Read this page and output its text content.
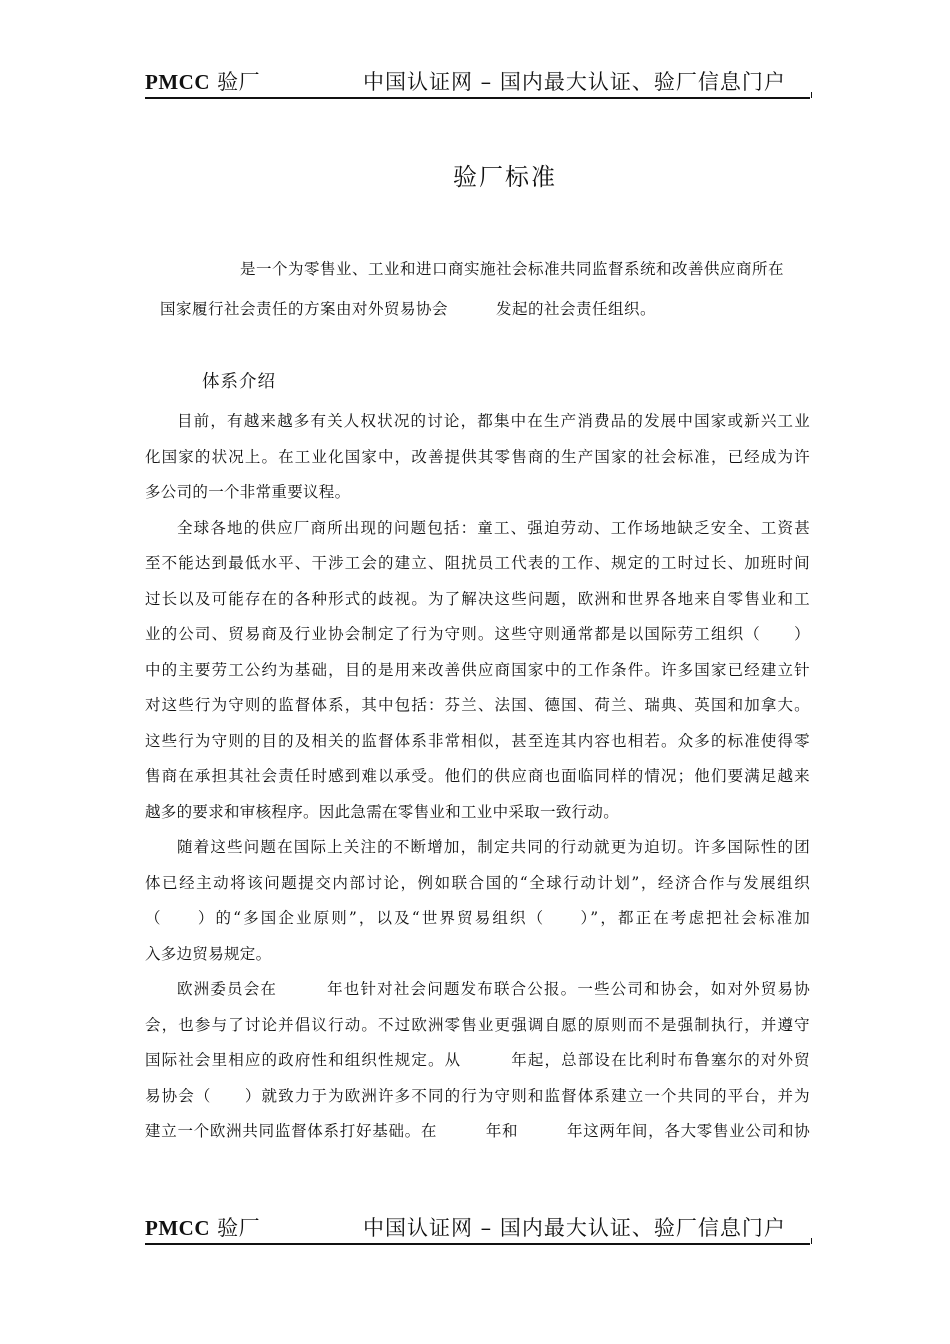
PMCC 验厂	中国认证网 – 国内最大认证、验厂信息门户
验厂标准
是一个为零售业、工业和进口商实施社会标准共同监督系统和改善供应商所在
国家履行社会责任的方案由对外贸易协会　　　发起的社会责任组织。
体系介绍
目前，有越来越多有关人权状况的讨论，都集中在生产消费品的发展中国家或新兴工业
化国家的状况上。在工业化国家中，改善提供其零售商的生产国家的社会标准，已经成为许
多公司的一个非常重要议程。
全球各地的供应厂商所出现的问题包括：童工、强迫劳动、工作场地缺乏安全、工资甚
至不能达到最低水平、干涉工会的建立、阻扰员工代表的工作、规定的工时过长、加班时间
过长以及可能存在的各种形式的歧视。为了解决这些问题，欧洲和世界各地来自零售业和工
业的公司、贸易商及行业协会制定了行为守则。这些守则通常都是以国际劳工组织（　　）
中的主要劳工公约为基础，目的是用来改善供应商国家中的工作条件。许多国家已经建立针
对这些行为守则的监督体系，其中包括：芬兰、法国、德国、荷兰、瑞典、英国和加拿大。
这些行为守则的目的及相关的监督体系非常相似，甚至连其内容也相若。众多的标准使得零
售商在承担其社会责任时感到难以承受。他们的供应商也面临同样的情况；他们要满足越来
越多的要求和审核程序。因此急需在零售业和工业中采取一致行动。
随着这些问题在国际上关注的不断增加，制定共同的行动就更为迫切。许多国际性的团
体已经主动将该问题提交内部讨论，例如联合国的“全球行动计划”，经济合作与发展组织
（　　）的“多国企业原则”，以及“世界贸易组织（　　）”，都正在考虑把社会标准加
入多边贸易规定。
欧洲委员会在　　　年也针对社会问题发布联合公报。一些公司和协会，如对外贸易协
会，也参与了讨论并倡议行动。不过欧洲零售业更强调自愿的原则而不是强制执行，并遵守
国际社会里相应的政府性和组织性规定。从　　　年起，总部设在比利时布鲁塞尔的对外贸
易协会（　　）就致力于为欧洲许多不同的行为守则和监督体系建立一个共同的平台，并为
建立一个欧洲共同监督体系打好基础。在　　　年和　　　年这两年间，各大零售业公司和协
PMCC 验厂	中国认证网 – 国内最大认证、验厂信息门户
